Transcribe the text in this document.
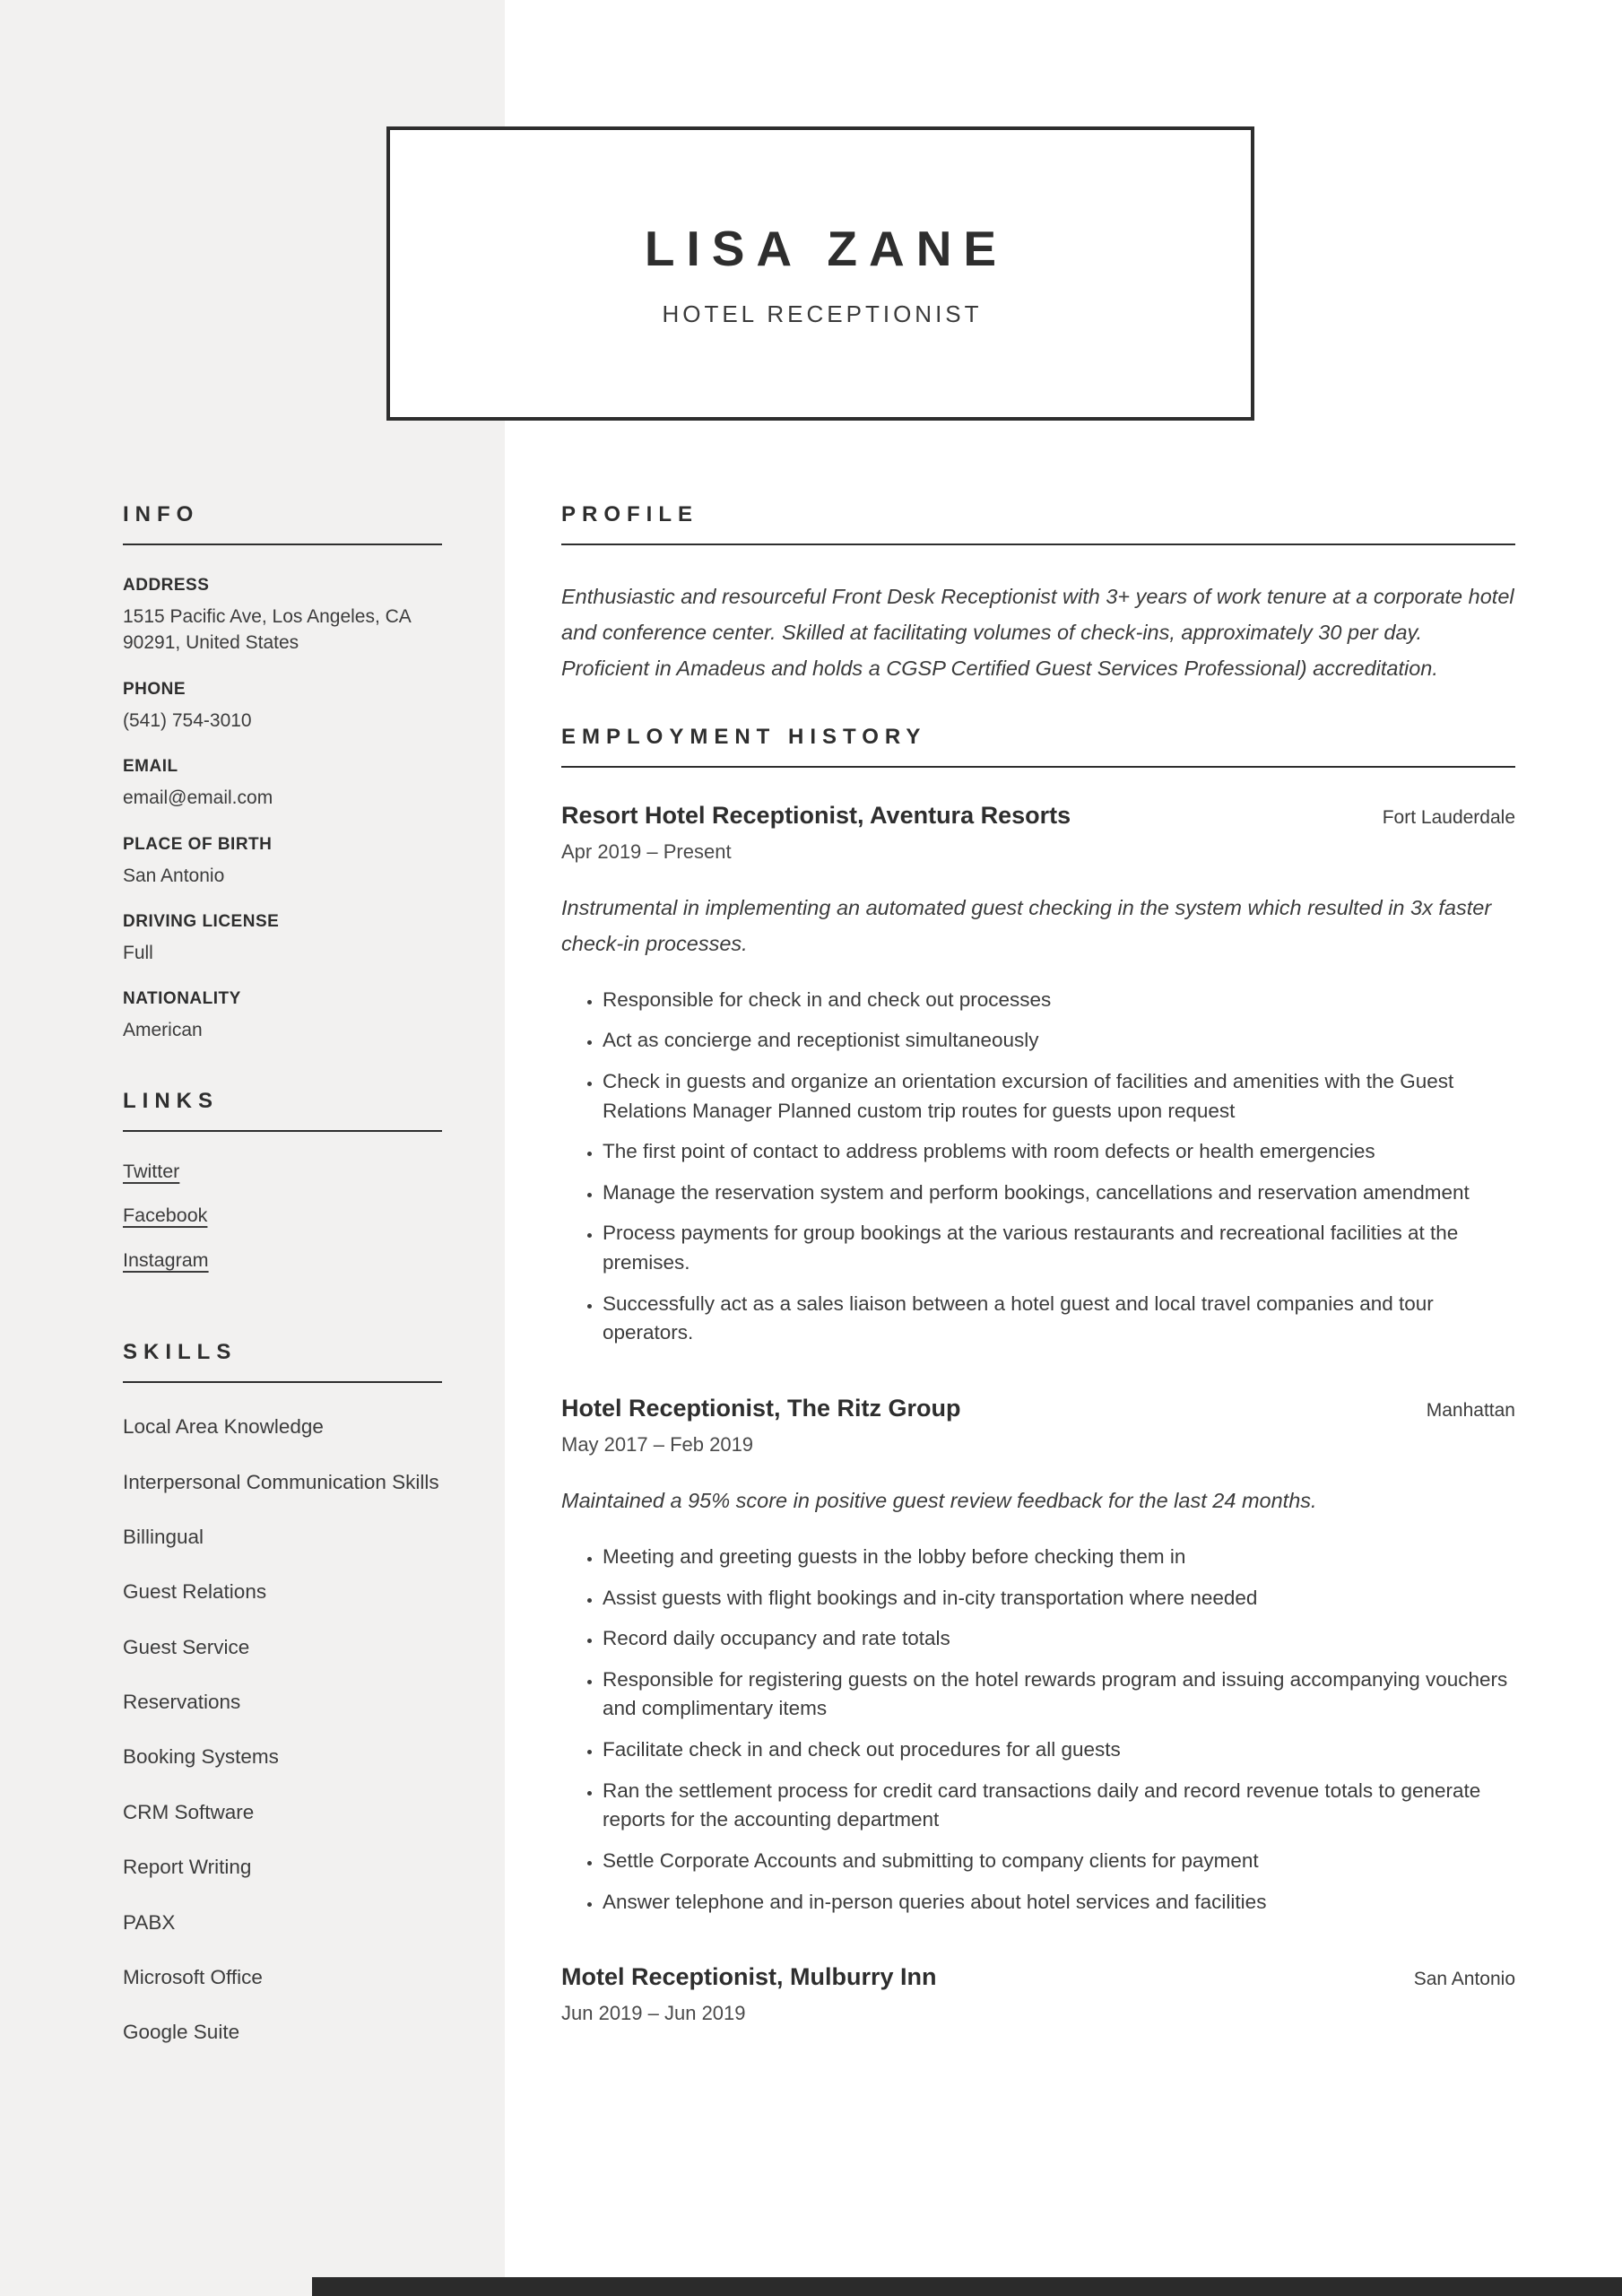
LISA ZANE
HOTEL RECEPTIONIST
INFO
ADDRESS
1515 Pacific Ave, Los Angeles, CA 90291, United States
PHONE
(541) 754-3010
EMAIL
email@email.com
PLACE OF BIRTH
San Antonio
DRIVING LICENSE
Full
NATIONALITY
American
LINKS
Twitter
Facebook
Instagram
SKILLS
Local Area Knowledge
Interpersonal Communication Skills
Billingual
Guest Relations
Guest Service
Reservations
Booking Systems
CRM Software
Report Writing
PABX
Microsoft Office
Google Suite
PROFILE

Enthusiastic and resourceful Front Desk Receptionist with 3+ years of work tenure at a corporate hotel and conference center. Skilled at facilitating volumes of check-ins, approximately 30 per day. Proficient in Amadeus and holds a CGSP Certified Guest Services Professional) accreditation.

EMPLOYMENT HISTORY
Resort Hotel Receptionist, Aventura Resorts	Fort Lauderdale
Apr 2019 – Present

Instrumental in implementing an automated guest checking in the system which resulted in 3x faster check-in processes.

• Responsible for check in and check out processes
• Act as concierge and receptionist simultaneously
• Check in guests and organize an orientation excursion of facilities and amenities with the Guest Relations Manager Planned custom trip routes for guests upon request
• The first point of contact to address problems with room defects or health emergencies
• Manage the reservation system and perform bookings, cancellations and reservation amendment
• Process payments for group bookings at the various restaurants and recreational facilities at the premises.
• Successfully act as a sales liaison between a hotel guest and local travel companies and tour operators.
Hotel Receptionist, The Ritz Group	Manhattan
May 2017 – Feb 2019

Maintained a 95% score in positive guest review feedback for the last 24 months.

• Meeting and greeting guests in the lobby before checking them in
• Assist guests with flight bookings and in-city transportation where needed
• Record daily occupancy and rate totals
• Responsible for registering guests on the hotel rewards program and issuing accompanying vouchers and complimentary items
• Facilitate check in and check out procedures for all guests
• Ran the settlement process for credit card transactions daily and record revenue totals to generate reports for the accounting department
• Settle Corporate Accounts and submitting to company clients for payment
• Answer telephone and in-person queries about hotel services and facilities
Motel Receptionist, Mulburry Inn	San Antonio
Jun 2019 – Jun 2019
